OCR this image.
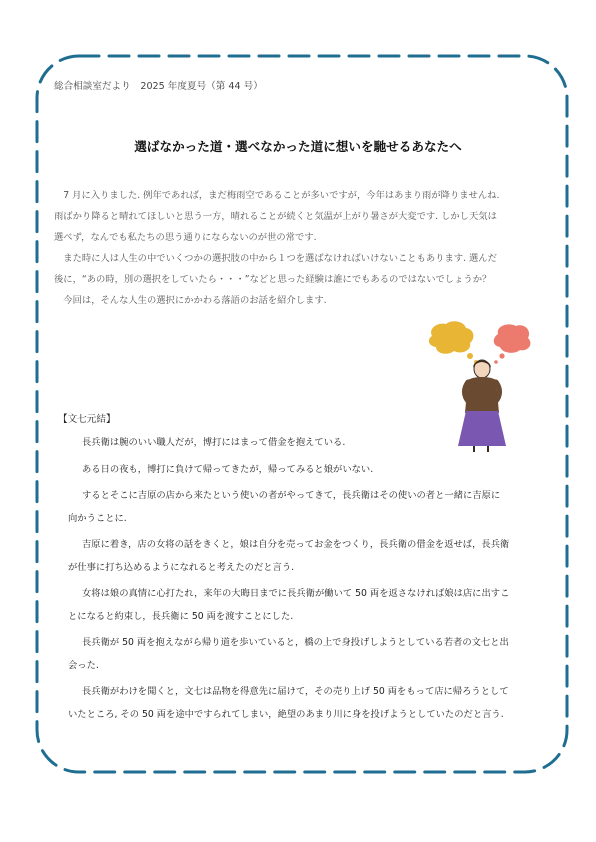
総合相談室だより　2025 年度夏号（第 44 号）
選ばなかった道・選べなかった道に想いを馳せるあなたへ

　7 月に入りました. 例年であれば，まだ梅雨空であることが多いですが，今年はあまり雨が降りませんね.

雨ばかり降ると晴れてほしいと思う一方，晴れることが続くと気温が上がり暑さが大変です. しかし天気は

選べず，なんでも私たちの思う通りにならないのが世の常です.

　また時に人は人生の中でいくつかの選択肢の中から１つを選ばなければいけないこともあります. 選んだ

後に，“あの時，別の選択をしていたら・・・”などと思った経験は誰にでもあるのではないでしょうか？

　今回は，そんな人生の選択にかかわる落語のお話を紹介します.

【文七元結】

長兵衛は腕のいい職人だが，博打にはまって借金を抱えている.

ある日の夜も，博打に負けて帰ってきたが，帰ってみると娘がいない.

するとそこに吉原の店から来たという使いの者がやってきて，長兵衛はその使いの者と一緒に吉原に
向かうことに.

吉原に着き，店の女将の話をきくと，娘は自分を売ってお金をつくり，長兵衛の借金を返せば，長兵衛
が仕事に打ち込めるようになれると考えたのだと言う.

女将は娘の真情に心打たれ，来年の大晦日までに長兵衛が働いて 50 両を返さなければ娘は店に出すこ
とになると約束し，長兵衛に 50 両を渡すことにした.

長兵衛が 50 両を抱えながら帰り道を歩いていると，橋の上で身投げしようとしている若者の文七と出
会った.

長兵衛がわけを聞くと，文七は品物を得意先に届けて，その売り上げ 50 両をもって店に帰ろうとして
いたところ, その 50 両を途中ですられてしまい，絶望のあまり川に身を投げようとしていたのだと言う.
